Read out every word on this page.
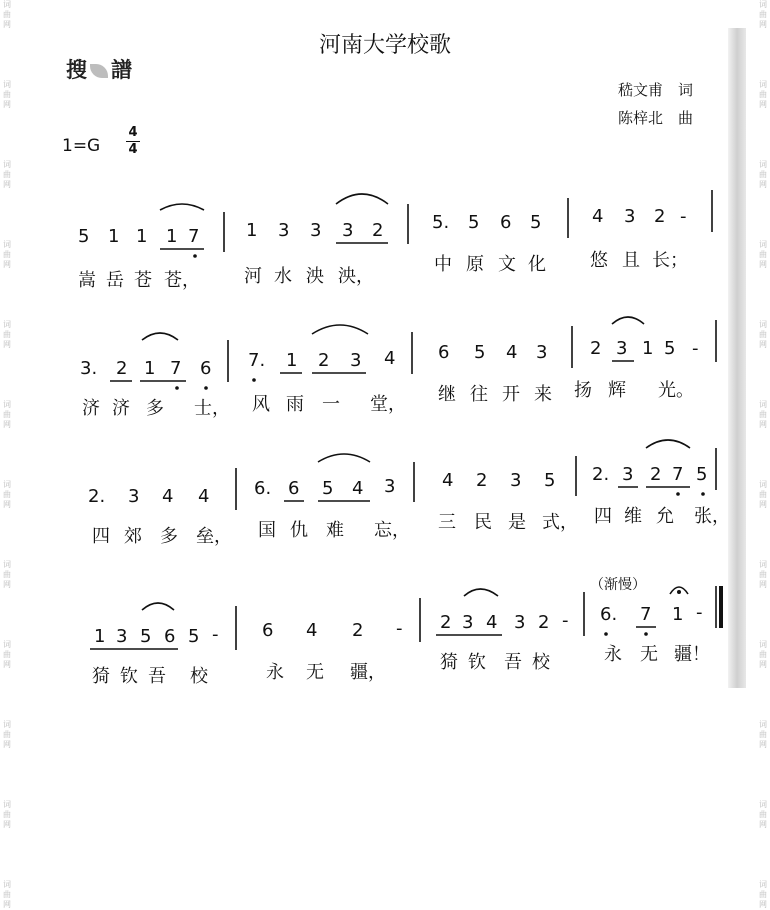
词曲网
词曲网
词曲网
词曲网
词曲网
词曲网
词曲网
词曲网
词曲网
词曲网
词曲网
词曲网
词曲网
词曲网
词曲网
词曲网
词曲网
词曲网
词曲网
词曲网
词曲网
词曲网
词曲网
词曲网
河南大学校歌
搜 譜
嵇文甫　词
陈梓北　曲
1=G
4
4
（渐慢）
5 1 1 1 7	1 3 3 3 2	5. 5 6 5	4 3 2 -
嵩 岳 苍 苍， 河 水 泱 泱，
中 原 文 化 悠 且 长；
3. 2 1 7 6 7. 1 2 3 4 6 5 4 3 2 3 1 5 -
济 济 多 士， 风 雨 一 堂， 继 往 开 来 扬 辉 光。
2. 3 4 4 6. 6 5 4 3	4 2 3 5 2. 3 2 7 5
四 郊 多 垒， 国 仇 难 忘， 三 民 是 式， 四 维 允 张，
1 3 5 6 5 - 6 4 2 - 2 3 4 3 2 - 6. 7 1 -
猗 钦 吾 校	永 无 疆，	猗 钦 吾 校	永 无 疆！
